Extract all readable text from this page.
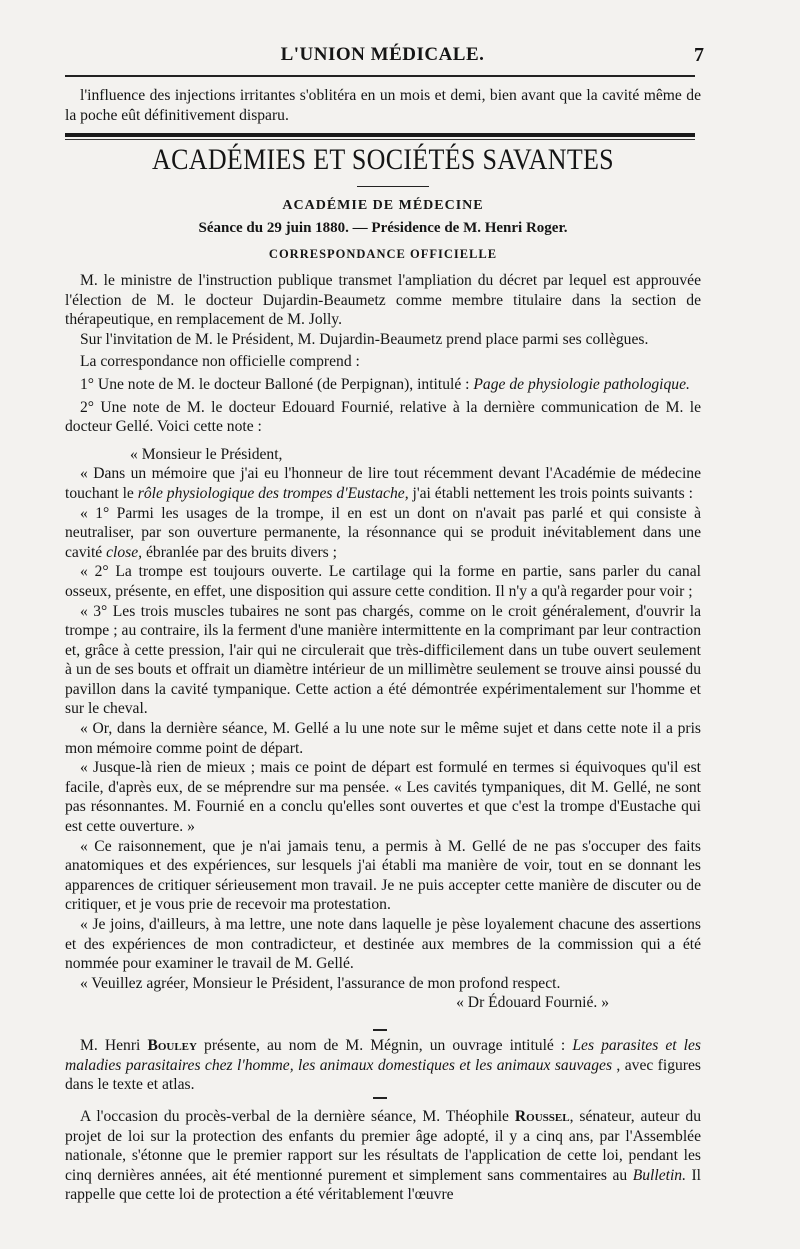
L'UNION MÉDICALE.	7

l'influence des injections irritantes s'oblitéra en un mois et demi, bien avant que la cavité même de la poche eût définitivement disparu.

ACADÉMIES ET SOCIÉTÉS SAVANTES
ACADÉMIE DE MÉDECINE
Séance du 29 juin 1880. — Présidence de M. Henri Roger.
CORRESPONDANCE OFFICIELLE

M. le ministre de l'instruction publique transmet l'ampliation du décret par lequel est approuvée l'élection de M. le docteur Dujardin-Beaumetz comme membre titulaire dans la section de thérapeutique, en remplacement de M. Jolly.

Sur l'invitation de M. le Président, M. Dujardin-Beaumetz prend place parmi ses collègues.

La correspondance non officielle comprend :

1° Une note de M. le docteur Balloné (de Perpignan), intitulé : Page de physiologie pathologique.

2° Une note de M. le docteur Edouard Fournié, relative à la dernière communication de M. le docteur Gellé. Voici cette note :

« Monsieur le Président,

« Dans un mémoire que j'ai eu l'honneur de lire tout récemment devant l'Académie de médecine touchant le rôle physiologique des trompes d'Eustache, j'ai établi nettement les trois points suivants :

« 1° Parmi les usages de la trompe, il en est un dont on n'avait pas parlé et qui consiste à neutraliser, par son ouverture permanente, la résonnance qui se produit inévitablement dans une cavité close, ébranlée par des bruits divers ;

« 2° La trompe est toujours ouverte. Le cartilage qui la forme en partie, sans parler du canal osseux, présente, en effet, une disposition qui assure cette condition. Il n'y a qu'à regarder pour voir ;

« 3° Les trois muscles tubaires ne sont pas chargés, comme on le croit généralement, d'ouvrir la trompe ; au contraire, ils la ferment d'une manière intermittente en la comprimant par leur contraction et, grâce à cette pression, l'air qui ne circulerait que très-difficilement dans un tube ouvert seulement à un de ses bouts et offrait un diamètre intérieur de un millimètre seulement se trouve ainsi poussé du pavillon dans la cavité tympanique. Cette action a été démontrée expérimentalement sur l'homme et sur le cheval.

« Or, dans la dernière séance, M. Gellé a lu une note sur le même sujet et dans cette note il a pris mon mémoire comme point de départ.

« Jusque-là rien de mieux ; mais ce point de départ est formulé en termes si équivoques qu'il est facile, d'après eux, de se méprendre sur ma pensée. « Les cavités tympaniques, dit M. Gellé, ne sont pas résonnantes. M. Fournié en a conclu qu'elles sont ouvertes et que c'est la trompe d'Eustache qui est cette ouverture. »

« Ce raisonnement, que je n'ai jamais tenu, a permis à M. Gellé de ne pas s'occuper des faits anatomiques et des expériences, sur lesquels j'ai établi ma manière de voir, tout en se donnant les apparences de critiquer sérieusement mon travail. Je ne puis accepter cette manière de discuter ou de critiquer, et je vous prie de recevoir ma protestation.

« Je joins, d'ailleurs, à ma lettre, une note dans laquelle je pèse loyalement chacune des assertions et des expériences de mon contradicteur, et destinée aux membres de la commission qui a été nommée pour examiner le travail de M. Gellé.

« Veuillez agréer, Monsieur le Président, l'assurance de mon profond respect.

« Dr Édouard Fournié. »

M. Henri Bouley présente, au nom de M. Mégnin, un ouvrage intitulé : Les parasites et les maladies parasitaires chez l'homme, les animaux domestiques et les animaux sauvages , avec figures dans le texte et atlas.

A l'occasion du procès-verbal de la dernière séance, M. Théophile Roussel, sénateur, auteur du projet de loi sur la protection des enfants du premier âge adopté, il y a cinq ans, par l'Assemblée nationale, s'étonne que le premier rapport sur les résultats de l'application de cette loi, pendant les cinq dernières années, ait été mentionné purement et simplement sans commentaires au Bulletin. Il rappelle que cette loi de protection a été véritablement l'œuvre
